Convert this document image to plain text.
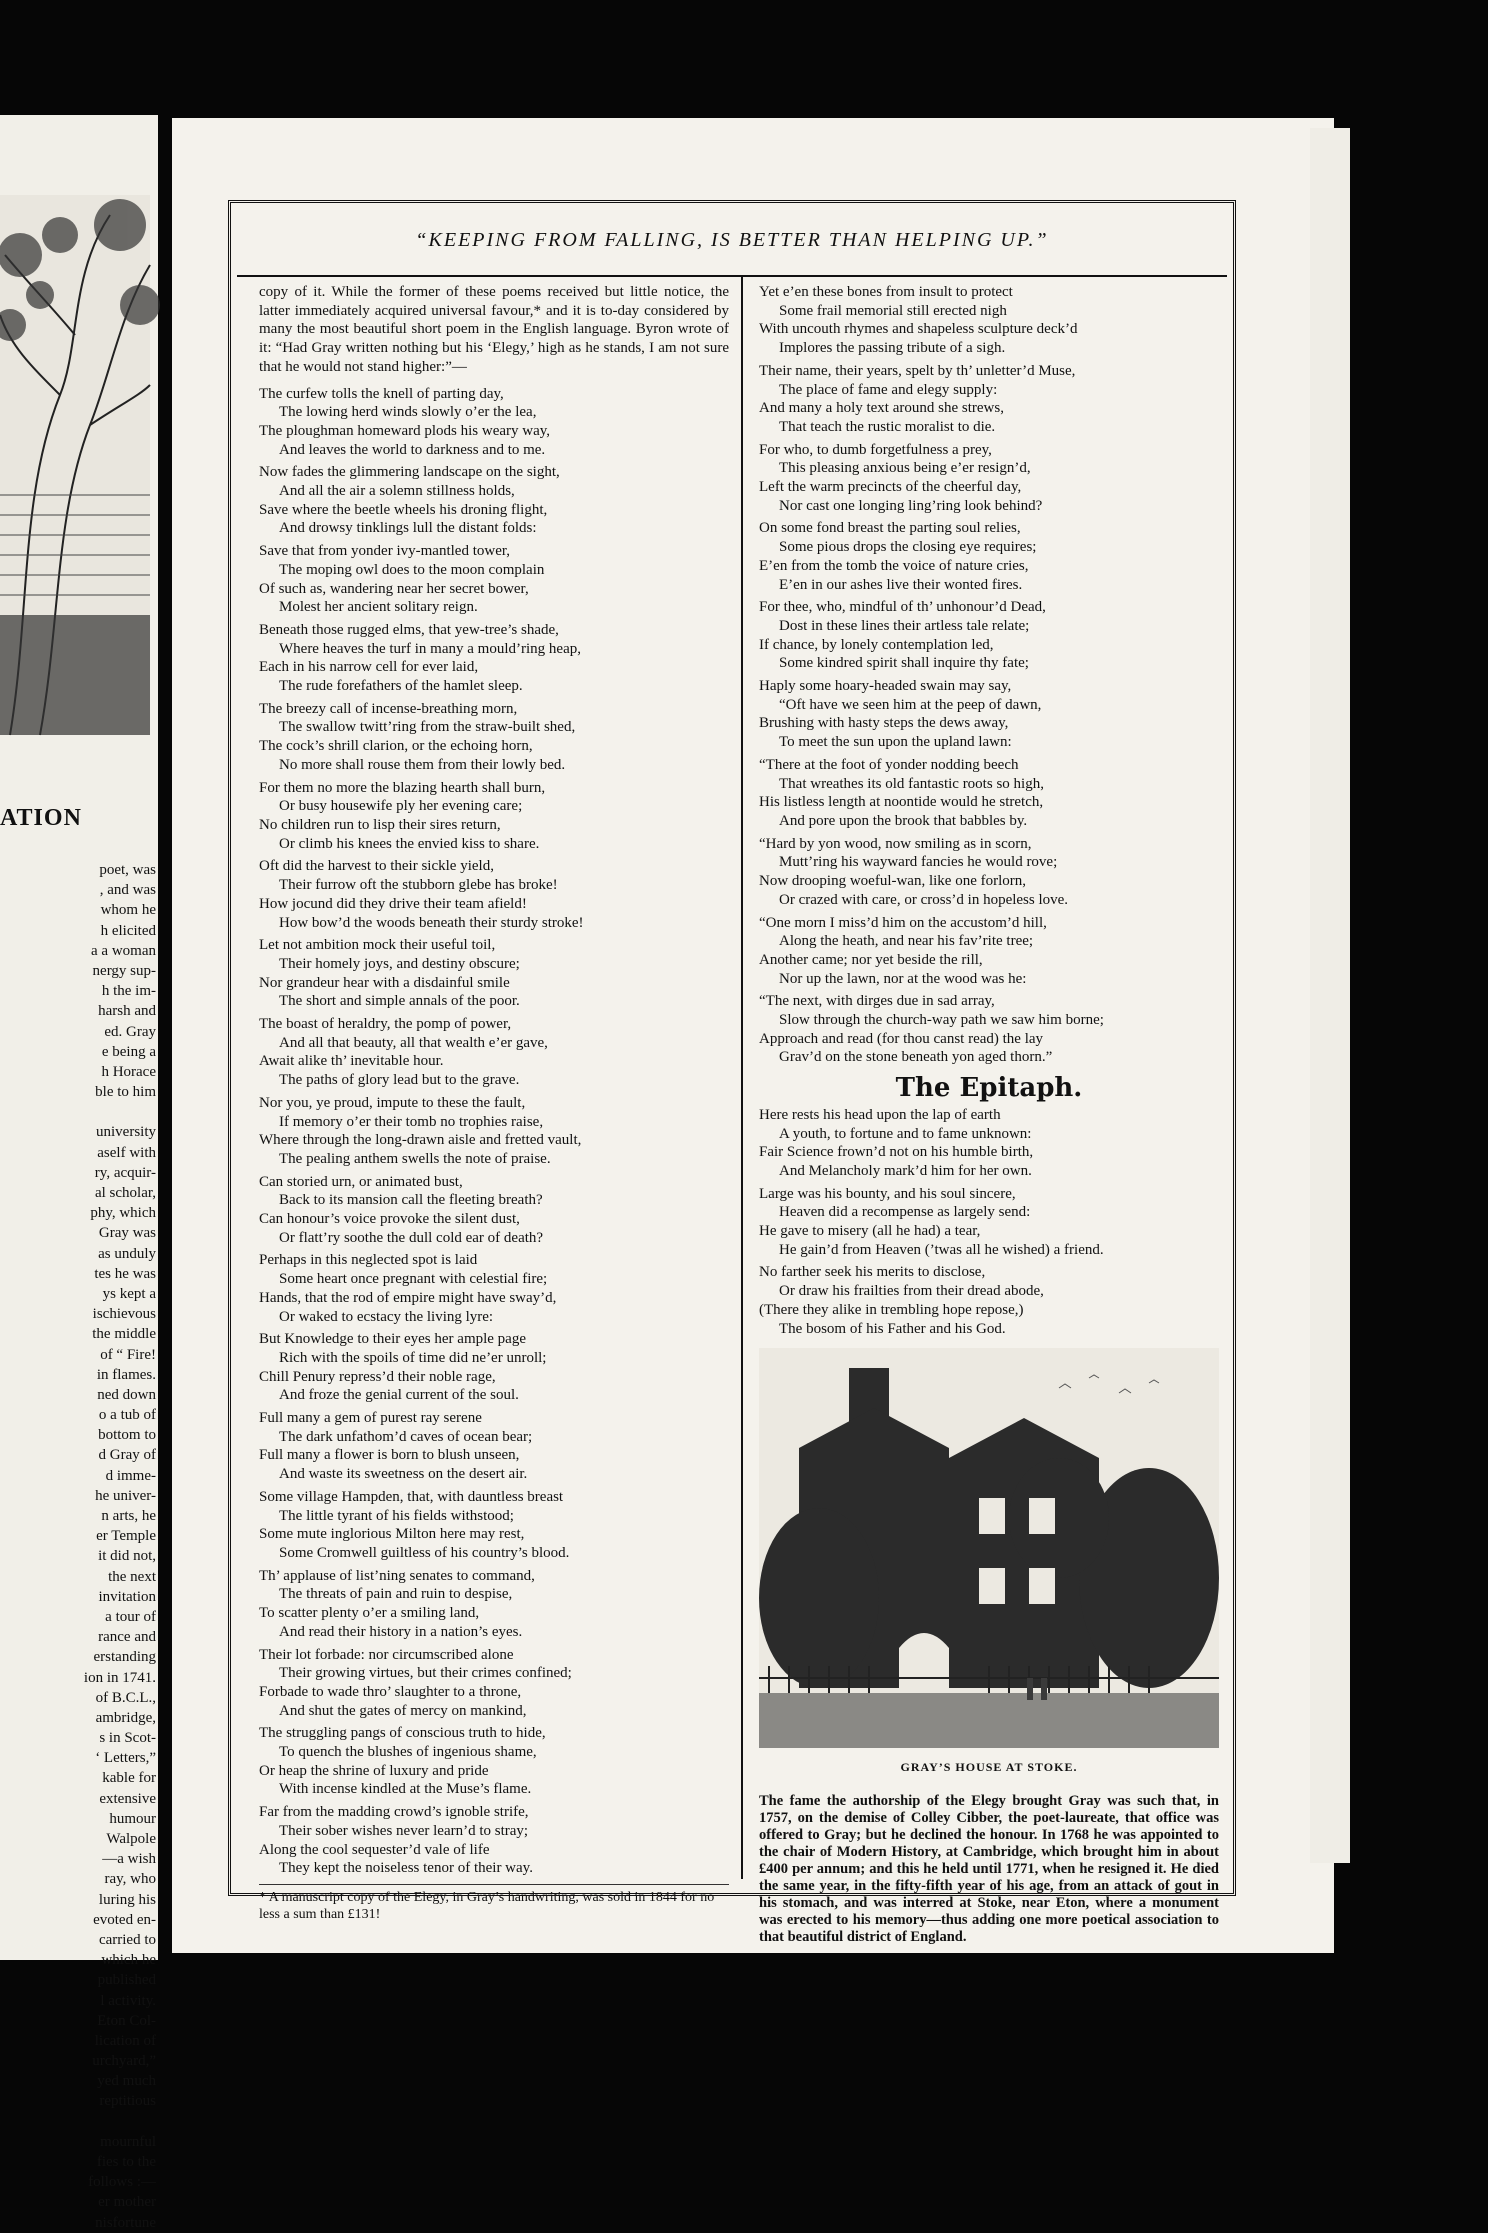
ATION
poet, was
, and was
whom he
h elicited
a a woman
nergy sup-
h the im-
harsh and
ed. Gray
e being a
h Horace
ble to him
university
aself with
ry, acquir-
al scholar,
phy, which
Gray was
as unduly
tes he was
ys kept a
ischievous
the middle
of “ Fire!
in flames.
ned down
o a tub of
bottom to
d Gray of
d imme-
he univer-
n arts, he
er Temple
it did not,
the next
invitation
a tour of
rance and
erstanding
ion in 1741.
of B.C.L.,
ambridge,
s in Scot-
‘ Letters,”
kable for
extensive
humour
Walpole
—a wish
ray, who
luring his
evoted en-
carried to
which he
published
l activity.
Eton Col-
lication of
urchyard,”
yed much
reptitious
mournful
fies to the
follows :—
er mother
nisfortune
“KEEPING FROM FALLING, IS BETTER THAN HELPING UP.”
copy of it. While the former of these poems received but little notice, the latter immediately acquired universal favour,* and it is to-day considered by many the most beautiful short poem in the English language. Byron wrote of it: “Had Gray written nothing but his ‘Elegy,’ high as he stands, I am not sure that he would not stand higher:”—
The curfew tolls the knell of parting day,
The lowing herd winds slowly o’er the lea,
The ploughman homeward plods his weary way,
And leaves the world to darkness and to me.
Now fades the glimmering landscape on the sight,
And all the air a solemn stillness holds,
Save where the beetle wheels his droning flight,
And drowsy tinklings lull the distant folds:
Save that from yonder ivy-mantled tower,
The moping owl does to the moon complain
Of such as, wandering near her secret bower,
Molest her ancient solitary reign.
Beneath those rugged elms, that yew-tree’s shade,
Where heaves the turf in many a mould’ring heap,
Each in his narrow cell for ever laid,
The rude forefathers of the hamlet sleep.
The breezy call of incense-breathing morn,
The swallow twitt’ring from the straw-built shed,
The cock’s shrill clarion, or the echoing horn,
No more shall rouse them from their lowly bed.
For them no more the blazing hearth shall burn,
Or busy housewife ply her evening care;
No children run to lisp their sires return,
Or climb his knees the envied kiss to share.
Oft did the harvest to their sickle yield,
Their furrow oft the stubborn glebe has broke!
How jocund did they drive their team afield!
How bow’d the woods beneath their sturdy stroke!
Let not ambition mock their useful toil,
Their homely joys, and destiny obscure;
Nor grandeur hear with a disdainful smile
The short and simple annals of the poor.
The boast of heraldry, the pomp of power,
And all that beauty, all that wealth e’er gave,
Await alike th’ inevitable hour.
The paths of glory lead but to the grave.
Nor you, ye proud, impute to these the fault,
If memory o’er their tomb no trophies raise,
Where through the long-drawn aisle and fretted vault,
The pealing anthem swells the note of praise.
Can storied urn, or animated bust,
Back to its mansion call the fleeting breath?
Can honour’s voice provoke the silent dust,
Or flatt’ry soothe the dull cold ear of death?
Perhaps in this neglected spot is laid
Some heart once pregnant with celestial fire;
Hands, that the rod of empire might have sway’d,
Or waked to ecstacy the living lyre:
But Knowledge to their eyes her ample page
Rich with the spoils of time did ne’er unroll;
Chill Penury repress’d their noble rage,
And froze the genial current of the soul.
Full many a gem of purest ray serene
The dark unfathom’d caves of ocean bear;
Full many a flower is born to blush unseen,
And waste its sweetness on the desert air.
Some village Hampden, that, with dauntless breast
The little tyrant of his fields withstood;
Some mute inglorious Milton here may rest,
Some Cromwell guiltless of his country’s blood.
Th’ applause of list’ning senates to command,
The threats of pain and ruin to despise,
To scatter plenty o’er a smiling land,
And read their history in a nation’s eyes.
Their lot forbade: nor circumscribed alone
Their growing virtues, but their crimes confined;
Forbade to wade thro’ slaughter to a throne,
And shut the gates of mercy on mankind,
The struggling pangs of conscious truth to hide,
To quench the blushes of ingenious shame,
Or heap the shrine of luxury and pride
With incense kindled at the Muse’s flame.
Far from the madding crowd’s ignoble strife,
Their sober wishes never learn’d to stray;
Along the cool sequester’d vale of life
They kept the noiseless tenor of their way.
* A manuscript copy of the Elegy, in Gray’s handwriting, was sold in 1844 for no less a sum than £131!
Yet e’en these bones from insult to protect
Some frail memorial still erected nigh
With uncouth rhymes and shapeless sculpture deck’d
Implores the passing tribute of a sigh.
Their name, their years, spelt by th’ unletter’d Muse,
The place of fame and elegy supply:
And many a holy text around she strews,
That teach the rustic moralist to die.
For who, to dumb forgetfulness a prey,
This pleasing anxious being e’er resign’d,
Left the warm precincts of the cheerful day,
Nor cast one longing ling’ring look behind?
On some fond breast the parting soul relies,
Some pious drops the closing eye requires;
E’en from the tomb the voice of nature cries,
E’en in our ashes live their wonted fires.
For thee, who, mindful of th’ unhonour’d Dead,
Dost in these lines their artless tale relate;
If chance, by lonely contemplation led,
Some kindred spirit shall inquire thy fate;
Haply some hoary-headed swain may say,
“Oft have we seen him at the peep of dawn,
Brushing with hasty steps the dews away,
To meet the sun upon the upland lawn:
“There at the foot of yonder nodding beech
That wreathes its old fantastic roots so high,
His listless length at noontide would he stretch,
And pore upon the brook that babbles by.
“Hard by yon wood, now smiling as in scorn,
Mutt’ring his wayward fancies he would rove;
Now drooping woeful-wan, like one forlorn,
Or crazed with care, or cross’d in hopeless love.
“One morn I miss’d him on the accustom’d hill,
Along the heath, and near his fav’rite tree;
Another came; nor yet beside the rill,
Nor up the lawn, nor at the wood was he:
“The next, with dirges due in sad array,
Slow through the church-way path we saw him borne;
Approach and read (for thou canst read) the lay
Grav’d on the stone beneath yon aged thorn.”
The Epitaph.
Here rests his head upon the lap of earth
A youth, to fortune and to fame unknown:
Fair Science frown’d not on his humble birth,
And Melancholy mark’d him for her own.
Large was his bounty, and his soul sincere,
Heaven did a recompense as largely send:
He gave to misery (all he had) a tear,
He gain’d from Heaven (’twas all he wished) a friend.
No farther seek his merits to disclose,
Or draw his frailties from their dread abode,
(There they alike in trembling hope repose,)
The bosom of his Father and his God.
GRAY’S HOUSE AT STOKE.
The fame the authorship of the Elegy brought Gray was such that, in 1757, on the demise of Colley Cibber, the poet-laureate, that office was offered to Gray; but he declined the honour. In 1768 he was appointed to the chair of Modern History, at Cambridge, which brought him in about £400 per annum; and this he held until 1771, when he resigned it. He died the same year, in the fifty-fifth year of his age, from an attack of gout in his stomach, and was interred at Stoke, near Eton, where a monument was erected to his memory—thus adding one more poetical association to that beautiful district of England.
